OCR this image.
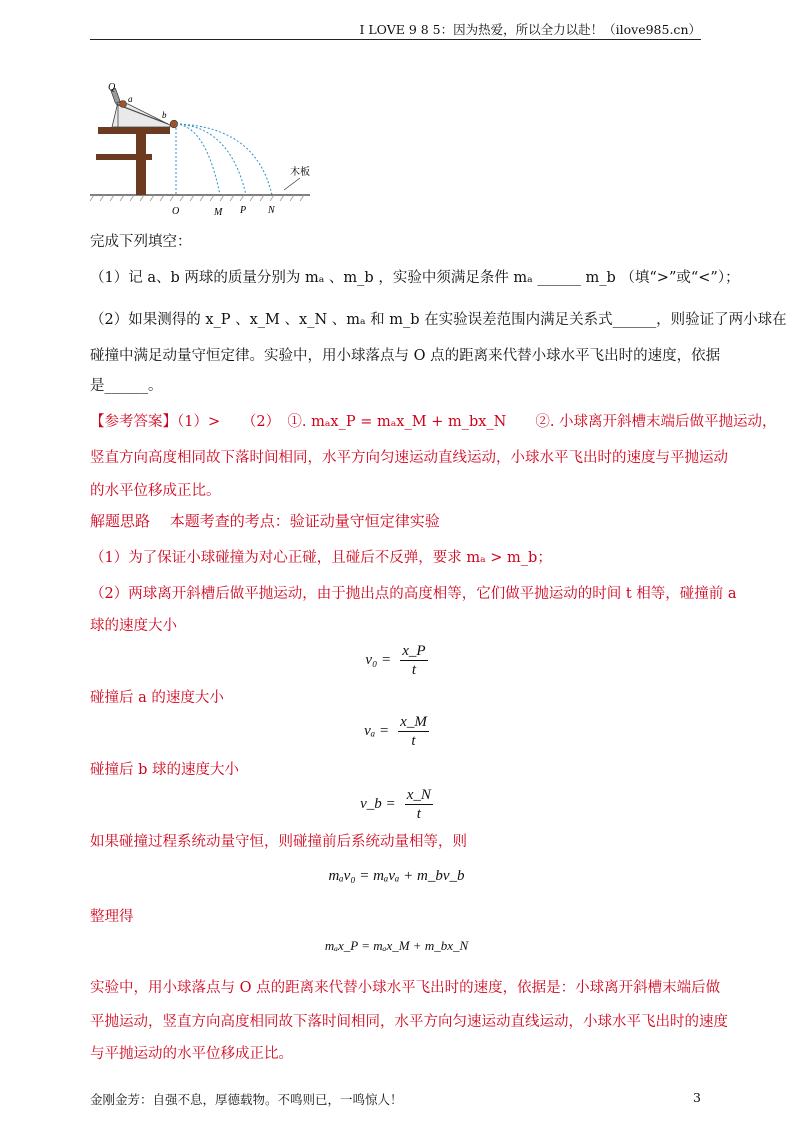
I LOVE 9 8 5：因为热爱，所以全力以赴！（ilove985.cn）
Q
a
b
木板
O	M P N
完成下列填空：
（1）记 a、b 两球的质量分别为 mₐ 、m_b ，实验中须满足条件 mₐ ______ m_b （填“>”或“<”）；
（2）如果测得的 x_P 、x_M 、x_N 、mₐ 和 m_b 在实验误差范围内满足关系式______，则验证了两小球在
碰撞中满足动量守恒定律。实验中，用小球落点与 O 点的距离来代替小球水平飞出时的速度，依据
是______。
【参考答案】（1）>　　（2）　①. mₐx_P = mₐx_M + m_bx_N　　②. 小球离开斜槽末端后做平抛运动，
竖直方向高度相同故下落时间相同，水平方向匀速运动直线运动，小球水平飞出时的速度与平抛运动
的水平位移成正比。
解题思路　 本题考查的考点：验证动量守恒定律实验
（1）为了保证小球碰撞为对心正碰，且碰后不反弹，要求 mₐ > m_b；
（2）两球离开斜槽后做平抛运动，由于抛出点的高度相等，它们做平抛运动的时间 t 相等，碰撞前 a
球的速度大小
$v_0 = \frac{x\_P}{t}$
碰撞后 a 的速度大小
$v_a = \frac{x\_M}{t}$
碰撞后 b 球的速度大小
v_b = $\frac{x\_N}{t}$
如果碰撞过程系统动量守恒，则碰撞前后系统动量相等，则
mₐv₀ = mₐvₐ + m_bv_b
整理得
mₐx_P = mₐx_M + m_bx_N
实验中，用小球落点与 O 点的距离来代替小球水平飞出时的速度，依据是：小球离开斜槽末端后做
平抛运动，竖直方向高度相同故下落时间相同，水平方向匀速运动直线运动，小球水平飞出时的速度
与平抛运动的水平位移成正比。
金刚金芳：自强不息，厚德载物。不鸣则已，一鸣惊人！	3
